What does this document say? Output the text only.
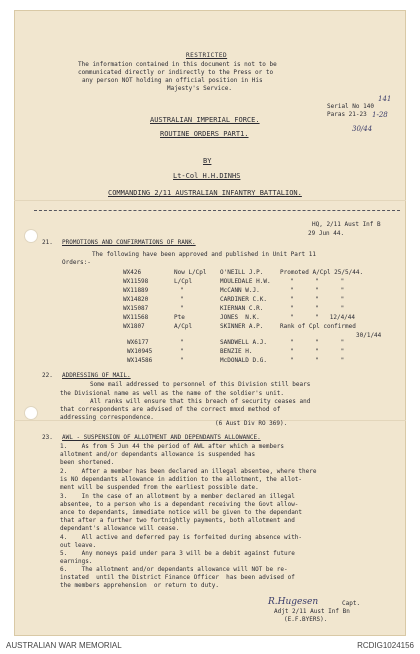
RESTRICTED
The information contained in this document is not to be
communicated directly or indirectly to the Press or to
any person NOT holding an official position in His
Majesty's Service.
141
Serial No 140
Paras 21-23 1-28
30/44
AUSTRALIAN IMPERIAL FORCE.
ROUTINE ORDERS PART1.
BY
Lt-Col H.H.DINHS
COMMANDING 2/11 AUSTRALIAN INFANTRY BATTALION.
HQ, 2/11 Aust Inf B
29 Jun 44.
21. PROMOTIONS AND CONFIRMATIONS OF RANK.
The following have been approved and published in Unit Part 11
Orders:-
WX426	Now L/Cpl O'NEILL J.P.	Promoted A/Cpl 25/5/44.
WX11598	L/Cpl	MOULEDALE H.W.	"      "      "
WX11889	"	McCANN W.J.	"      "      "
WX14820	"	CARDINER C.K.	"      "      "
WX15087	"	KIERNAN C.R.	"      "      "
WX11568	Pte	JONES  N.K.	"      "   12/4/44
WX1807	A/Cpl	SKINNER A.P.	Rank of Cpl confirmed
30/1/44
WX6177	"	SANDWELL A.J.	"      "      "
WX10945	"	BENZIE H.	"      "      "
WX14586	"	McDONALD D.G.	"      "      "
22. ADDRESSING OF MAIL.
Some mail addressed to personnel of this Division still bears
the Divisional name as well as the name of the soldier's unit.
All ranks will ensure that this breach of security ceases and
that correspondents are advised of the correct mmxd method of
addressing correspondence.
(6 Aust Div RO 369).
23. AWL - SUSPENSION OF ALLOTMENT AND DEPENDANTS ALLOWANCE.
1.    As from 5 Jun 44 the period of AWL after which a members
allotment and/or dependants allowance is suspended has
been shortened.
2.    After a member has been declared an illegal absentee, where there
is NO dependants allowance in addition to the allotment, the allot-
ment will be suspended from the earliest possible date.
3.    In the case of an allotment by a member declared an illegal
absentee, to a person who is a dependant receiving the Govt allow-
ance to dependants, immediate notice will be given to the dependant
that after a further two fortnightly payments, both allotment and
dependant's allowance will cease.
4.    All active and deferred pay is forfeited during absence with-
out leave.
5.    Any moneys paid under para 3 will be a debit against future
earnings.
6.    The allotment and/or dependants allowance will NOT be re-
instated  until the District Finance Officer  has been advised of
the members apprehension  or return to duty.
R.Hugesen	Capt.
Adjt 2/11 Aust Inf Bn
(E.F.BYERS).
AUSTRALIAN WAR MEMORIAL	RCDIG1024156
